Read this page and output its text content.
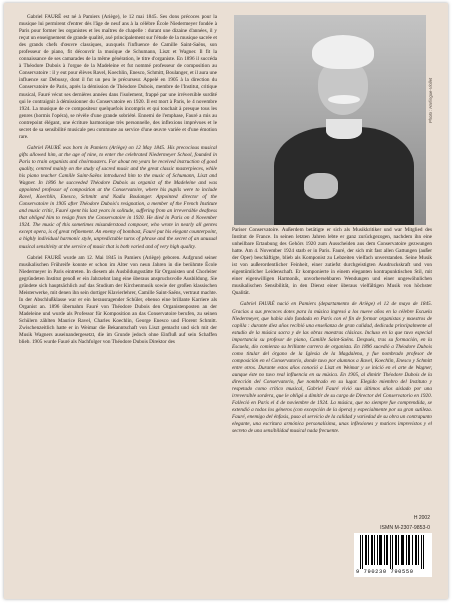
Gabriel FAURÉ est né à Pamiers (Ariège), le 12 mai 1845. Ses dons précoces pour la musique lui permirent d'entrer dès l'âge de neuf ans à la célèbre École Niedermeyer fondée à Paris pour former les organistes et les maîtres de chapelle : durant une dizaine d'années, il y reçut un enseignement de grande qualité, axé principalement sur l'étude de la musique sacrée et des grands chefs d'œuvre classiques, auxquels l'influence de Camille Saint-Saëns, son professeur de piano, fit découvrir la musique de Schumann, Liszt et Wagner. Il fit la connaissance de ses camarades de la même génération, le titre d'organiste. En 1896 il succéda à Théodore Dubois à l'orgue de la Madeleine et fut nommé professeur de composition au Conservatoire : il y eut pour élèves Ravel, Koechlin, Enesco, Schmitt, Boulanger, et il aura une influence sur Debussy, dont il fut un peu le précurseur. Appelé en 1905 à la direction du Conservatoire de Paris, après la démission de Théodore Dubois, membre de l'Institut, critique musical, Fauré vécut ses dernières années dans l'isolement, frappé par une irréversible surdité qui le contraignit à démissionner du Conservatoire en 1920. Il est mort à Paris, le 4 novembre 1924. La musique de ce compositeur quelquefois incompris et qui touchait à presque tous les genres (hormis l'opéra), se révèle d'une grande sobriété. Ennemi de l'emphase, Fauré a mis au contrepoint élégant, une écriture harmonique très personnelle, des inflexions imprévues et le secret de sa sensibilité musicale peu commune au service d'une œuvre variée et d'une émotion rare.

Gabriel FAURÉ was born in Pamiers (Ariège) on 12 May 1845. His precocious musical gifts allowed him, at the age of nine, to enter the celebrated Niedermeyer School, founded in Paris to train organists and choirmasters. For about ten years he received instruction of good quality, centred mainly on the study of sacred music and the great classic masterpieces, while his piano teacher Camille Saint-Saëns introduced him to the music of Schumann, Liszt and Wagner. In 1896 he succeeded Théodore Dubois as organist of the Madeleine and was appointed professor of composition at the Conservatoire, where his pupils were to include Ravel, Koechlin, Enesco, Schmitt and Nadia Boulanger. Appointed director of the Conservatoire in 1905 after Théodore Dubois's resignation, a member of the French Institute and music critic, Fauré spent his last years in solitude, suffering from an irreversible deafness that obliged him to resign from the Conservatoire in 1920. He died in Paris on 4 November 1924. The music of this sometimes misunderstood composer, who wrote in nearly all genres except opera, is of great refinement. An enemy of bombast, Fauré put his elegant counterpoint, a highly individual harmonic style, unpredictable turns of phrase and the secret of an unusual musical sensitivity at the service of music that is both varied and of very high quality.

Gabriel FAURÉ wurde am 12. Mai 1845 in Pamiers (Ariège) geboren. Aufgrund seiner musikalischen Frühreife konnte er schon im Alter von neun Jahren in die berühmte École Niedermeyer in Paris eintreten. In diesem als Ausbildungsstätte für Organisten und Chorleiter gegründeten Institut genoß er ein Jahrzehnt lang eine überaus anspruchsvolle Ausbildung. Sie gründete sich hauptsächlich auf das Studium der Kirchenmusik sowie der großen klassischen Meisterwerke, mit denen ihn sein dortiger Klavierlehrer, Camille Saint-Saëns, vertraut machte. In der Abschlußklasse war er ein herausragender Schüler, ebenso eine brillante Karriere als Organist an. 1896 übernahm Fauré von Théodore Dubois den Organistenposten an der Madeleine und wurde als Professor für Komposition an das Conservatoire berufen, zu seinen Schülern zählten Maurice Ravel, Charles Koechlin, George Enesco und Florent Schmitt. Zwischenzeitlich hatte er in Weimar die Bekanntschaft von Liszt gemacht und sich mit der Musik Wagners auseinandergesetzt, die im Grunde jedoch ohne Einfluß auf sein Schaffen blieb. 1905 wurde Fauré als Nachfolger von Théodore Dubois Direktor des

Photo : Harlingue-Viollet

Pariser Conservatoire. Außerdem betätigte er sich als Musikkritiker und war Mitglied des Institut de France. In seinen letzten Jahren lebte er ganz zurückgezogen, nachdem ihn eine unheilbare Ertaubung des Gehörs 1920 zum Ausscheiden aus dem Conservatoire gezwungen hatte. Am 4. November 1924 starb er in Paris. Fauré, der sich mit fast allen Gattungen (außer der Oper) beschäftigte, blieb als Komponist zu Lebzeiten vielfach unverstanden. Seine Musik ist von außerordentlicher Feinheit, einer zutiefst durchgeistigten Ausdruckskraft und von eigentümlicher Leidenschaft. Er komponierte in einem eleganten kontrapunktischen Stil, mit einer eigenwilligen Harmonik, unvorhersehbaren Wendungen und einer ungewöhnlichen musikalischen Sensibilität, in den Dienst einer überaus vielfältigen Musik von höchster Qualität.

Gabriel FAURÉ nació en Pamiers (departamento de Ariège) el 12 de mayo de 1845. Gracias a sus precoces dotes para la música ingresó a los nueve años en la célebre Escuela Niedermeyer, que había sido fundada en París con el fin de formar organistas y maestros de capilla : durante diez años recibió una enseñanza de gran calidad, dedicada principalmente al estudio de la música sacra y de las obras maestras clásicas. Incluso en la que tuvo especial importancia su profesor de piano, Camille Saint-Saëns. Después, tras su formación, en la Escuela, dio comienzo su brillante carrera de organista. En 1896 sucedió a Théodore Dubois como titular del órgano de la Iglesia de la Magdalena, y fue nombrado profesor de composición en el Conservatorio, donde tuvo por alumnos a Ravel, Koechlin, Enesco y Schmitt entre otros. Durante estos años conoció a Liszt en Weimar y se inició en el arte de Wagner, aunque éste no tuvo real influencia en su música. En 1905, al dimitir Théodore Dubois de la dirección del Conservatorio, fue nombrado en su lugar. Elegido miembro del Instituto y respetado como crítico musical, Gabriel Fauré vivió sus últimos años aislado por una irreversible sordera, que le obligó a dimitir de su cargo de Director del Conservatorio en 1920. Falleció en París el 4 de noviembre de 1924. La música, que no siempre fue comprendida, se extendió a todos los géneros (con excepción de la ópera) y especialmente por su gran sutileza. Fauré, enemigo del énfasis, puso al servicio de la calidad y variedad de su obra un contrapunto elegante, una escritura armónica personalísima, unas inflexiones y matices imprevistos y el secreto de una sensibilidad musical nada frecuente.

H 2002
ISMN M-2307-9853-0
9 790230 790550
